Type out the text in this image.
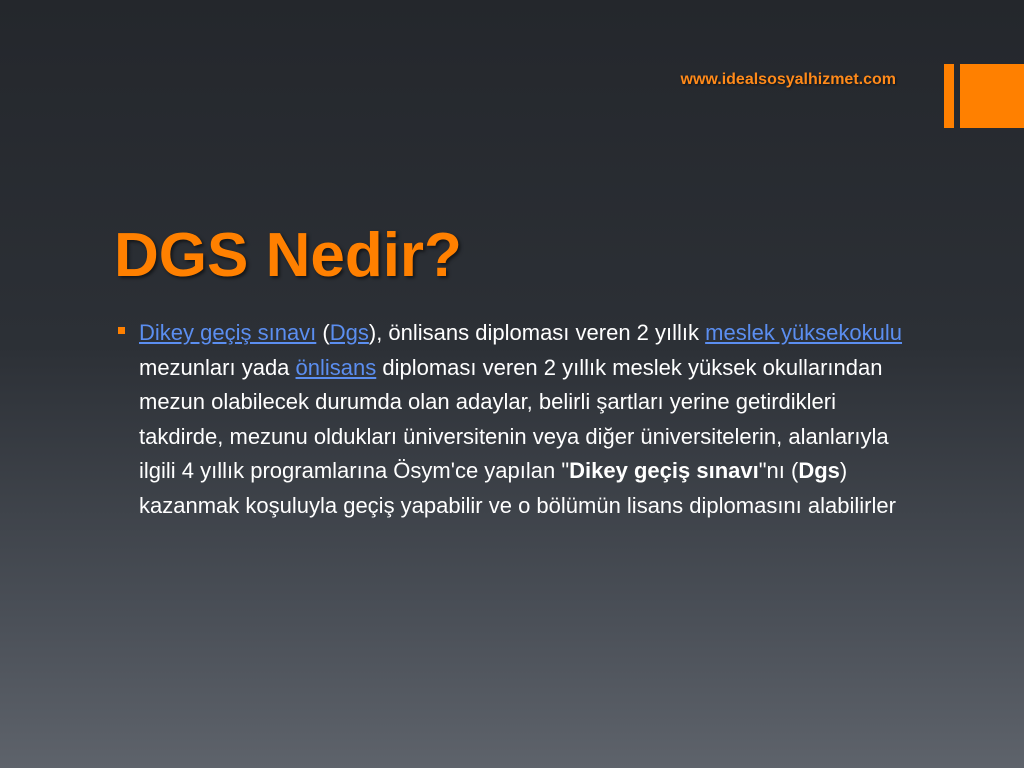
www.idealsosyalhizmet.com
DGS Nedir?

Dikey geçiş sınavı (Dgs), önlisans diploması veren 2 yıllık meslek yüksekokulu mezunları yada önlisans diploması veren 2 yıllık meslek yüksek okullarından mezun olabilecek durumda olan adaylar, belirli şartları yerine getirdikleri takdirde, mezunu oldukları üniversitenin veya diğer üniversitelerin, alanlarıyla ilgili 4 yıllık programlarına Ösym'ce yapılan "Dikey geçiş sınavı"nı (Dgs) kazanmak koşuluyla geçiş yapabilir ve o bölümün lisans diplomasını alabilirler
